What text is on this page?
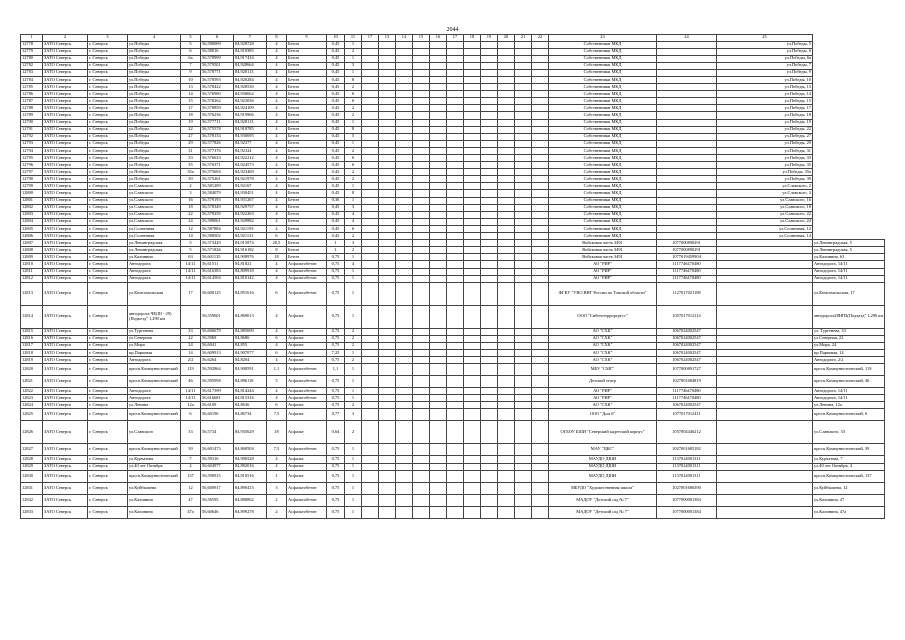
2044
1	2	3	4	5	6	7	8	9	10	11	17	13	14	15	16	17	18	19	20	21	22	23	24	25	
12778	ЗАТО Северск	г. Северск	ул.Победы	5	56,580009	84,928728	4	Бетон	0,45	1												Собственники МКД		ул.Победы, 5	
12779	ЗАТО Северск	г. Северск	ул.Победы	6	56,58016	84,918385	4	Бетон	0,45	2												Собственники МКД		ул.Победы, 6	
12780	ЗАТО Северск	г. Северск	ул.Победы	6а	56,578999	84,917434	4	Бетон	0,45	1												Собственники МКД		ул.Победы, 6а	
12782	ЗАТО Северск	г. Северск	ул.Победы	7	56,579501	84,928664	4	Бетон	0,45	3												Собственники МКД		ул.Победы, 7	
12783	ЗАТО Северск	г. Северск	ул.Победы	9	56,578771	84,928113	4	Бетон	0,45	1												Собственники МКД		ул.Победы, 9	
12784	ЗАТО Северск	г. Северск	ул.Победы	10	56,578593	84,920284	4	Бетон	0,45	8												Собственники МКД		ул.Победы, 10	
12785	ЗАТО Северск	г. Северск	ул.Победы	13	56,578422	84,928530	4	Бетон	0,45	2												Собственники МКД		ул.Победы, 13	
12786	ЗАТО Северск	г. Северск	ул.Победы	14	56,576980	84,930662	4	Бетон	0,45	6												Собственники МКД		ул.Победы, 14	
12787	ЗАТО Северск	г. Северск	ул.Победы	15	56,578262	84,923036	4	Бетон	0,45	6												Собственники МКД		ул.Победы, 15	
12788	ЗАТО Северск	г. Северск	ул.Победы	17	56,578859	84,924109	4	Бетон	0,45	2												Собственники МКД		ул.Победы, 17	
12789	ЗАТО Северск	г. Северск	ул.Победы	18	56,576236	84,919966	4	Бетон	0,45	2												Собственники МКД		ул.Победы, 18	
12790	ЗАТО Северск	г. Северск	ул.Победы	19	56,577711	84,928113	4	Бетон	0,45	1												Собственники МКД		ул.Победы, 19	
12791	ЗАТО Северск	г. Северск	ул.Победы	22	56,575578	84,918785	4	Бетон	0,45	8												Собственники МКД		ул.Победы, 22	
12792	ЗАТО Северск	г. Северск	ул.Победы	27	56,578133	84,930695	4	Бетон	0,45	5												Собственники МКД		ул.Победы, 27	
12793	ЗАТО Северск	г. Северск	ул.Победы	29	56,577826	84,92377	4	Бетон	0,45	1												Собственники МКД		ул.Победы, 29	
12794	ЗАТО Северск	г. Северск	ул.Победы	31	56,577376	84,92324	4	Бетон	0,45	2												Собственники МКД		ул.Победы, 31	
12795	ЗАТО Северск	г. Северск	ул.Победы	33	56,576633	84,922212	4	Бетон	0,45	6												Собственники МКД		ул.Победы, 33	
12796	ЗАТО Северск	г. Северск	ул.Победы	35	56,576371	84,924573	4	Бетон	0,45	6												Собственники МКД		ул.Победы, 35	
12797	ЗАТО Северск	г. Северск	ул.Победы	35а	56,575694	84,923469	4	Бетон	0,45	2												Собственники МКД		ул.Победы, 35а	
12798	ЗАТО Северск	г. Северск	ул.Победы	39	56,575261	84,921978	4	Бетон	0,45	2												Собственники МКД		ул.Победы, 39	
12799	ЗАТО Северск	г. Северск	ул.Славского	2	56,581289	84,92167	4	Бетон	0,45	1												Собственники МКД		ул.Славского, 2	
12800	ЗАТО Северск	г. Северск	ул.Славского	3	56,584079	84,930451	4	Бетон	0,45	8												Собственники МКД		ул.Славского, 3	
12801	ЗАТО Северск	г. Северск	ул.Славского	16	56,579193	84,931267	4	Бетон	0,36	1												Собственники МКД		ул.Славского, 16	
12802	ЗАТО Северск	г. Северск	ул.Славского	18	56,578349	84,929757	4	Бетон	0,45	3												Собственники МКД		ул.Славского, 18	
12803	ЗАТО Северск	г. Северск	ул.Славского	22	56,579259	84,922263	4	Бетон	0,45	4												Собственники МКД		ул.Славского, 22	
12804	ЗАТО Северск	г. Северск	ул.Славского	24	56,588061	84,929882	4	Бетон	0,45	4												Собственники МКД		ул.Славского, 24	
12805	ЗАТО Северск	г. Северск	ул.Солнечная	12	56,587884	84,921193	4	Бетон	0,45	6												Собственники МКД		ул.Солнечная, 12	
12806	ЗАТО Северск	г. Северск	ул.Солнечная	14	56,588502	84,921131	6	Бетон	0,45	2												Собственники МКД		ул.Солнечная, 14	
12807	ЗАТО Северск	г. Северск	ул.Ленинградская	5	56,573429	84,915874	20,5	Бетон	1	3												Войсковая часть 3491	1077000890291		ул.Ленинградская, 5
12808	ЗАТО Северск	г. Северск	ул.Ленинградская	5	56,571826	84,916182	8	Бетон	1	2												Войсковая часть 3491	1077000890291		ул.Ленинградская, 5
12809	ЗАТО Северск	г. Северск	ул.Калинина	63	56,601135	84,908976	18	Бетон	0,75	1												Войсковая часть 3491	1077019459904		ул.Калинина, 63
12810	ЗАТО Северск	г. Северск	Автодорога	14/11	56,61511	84,81821	4	Асфальтобетон	0,75	4												АО "РИР"	1117746470480		Автодорога, 14/11
12811	ЗАТО Северск	г. Северск	Автодорога	14/11	56,616383	84,809918	4	Асфальтобетон	0,75	1												АО "РИР"	1117746470480		Автодорога, 14/11
12812	ЗАТО Северск	г. Северск	Автодорога	14/11	56,614504	84,810142	4	Асфальтобетон	0,75	1												АО "РИР"	1117746470480		Автодорога, 14/11
12813	ЗАТО Северск	г. Северск	ул.Комсомольская	17	56,600125	84,851616	6	Асфальтобетон	0,75	1												ФГКУ "УВО ВНГ России по Томской области"	1127017021108		ул.Комсомольская, 17
12814	ЗАТО Северск	г. Северск	автодорога ЧЕ(III - 29)(Подъезд" 1,290 км		56,559601	84,869013	4	Асфальт	0,75	1												ООО "Сибгеотерроргресс"	1057017012114		автодорога28НПЗ(Подъезд" 1,290 км
12815	ЗАТО Северск	г. Северск	ул.Тургенева	33	56,606679	84,885699	4	Асфальт	0,75	2												АО "СХК"	1067024002547		ул. Тургенева, 33
12816	ЗАТО Северск	г. Северск	ул.Северная	22	56,5969	84,8686	6	Асфальт	0,75	2												АО "СХК"	1067024002547		ул.Северная, 22
12817	ЗАТО Северск	г. Северск	ул.Мира	24	56,6041	84,855	4	Асфальт	0,75	2												АО "СХК"	1067024002547		ул.Мира, 24
12818	ЗАТО Северск	г. Северск	пр.Парковая	14	56,609913	84,907077	6	Асфальт	7,25	1												АО "СХК"	1067024002547		пр.Парковая, 14
12819	ЗАТО Северск	г. Северск	Автодорога	2/2	56,6264	84,8204	4	Асфальт	0,75	2												АО "СХК"	1067024002547		Автодорога, 2/2
12820	ЗАТО Северск	г. Северск	просп.Коммунистический	119	56,592864	84,908591	1,1	Асфальтобетон	1,1	1												МБУ "СМГ"	1077000891727		просп.Коммунистический, 119
12821	ЗАТО Северск	г. Северск	просп.Коммунистический	46	56,595998	84,886118	5	Асфальтобетон	0,75	1												Детский театр	1027001684819		просп.Коммунистический, 46
12822	ЗАТО Северск	г. Северск	Автодорога	14/11	56,617399	84,814244	4	Асфальтобетон	0,75	1												АО "РИР"	1117746470480		Автодорога, 14/11
12823	ЗАТО Северск	г. Северск	Автодорога	14/11	56,616681	84,815316	4	Асфальтобетон	0,75	1												АО "РИР"	1117746470480		Автодорога, 14/11
12824	ЗАТО Северск	г. Северск	ул.Ленина	12а	56,6109	84,8636	6	Асфальт	0,75	2												АО "СХК"	1067024002547		ул.Ленина, 12а
12825	ЗАТО Северск	г. Северск	просп.Коммунистический	6	56,60196	84,86734	7,5	Асфальт	0,77	3												ООО "Дом 6"	1077017012411		просп.Коммунистический, 6
12826	ЗАТО Северск	г. Северск	ул.Славского	33	56,5734	84,935629	18	Асфальт	0,64	2												ОГБОУ БШИ "Северский кадетский корпус"	1057004446212		ул.Славского, 33
12827	ЗАТО Северск	г. Северск	просп.Коммунистический	39	56,601473	84,868504	7,5	Асфальтобетон	0,75	1												МАУ "ЦКС"	1027001685182		просп.Коммунистический, 39
12828	ЗАТО Северск	г. Северск	ул.Курчатова	7	56,59316	84,906528	4	Асфальт	0,75	1												МАУДО ДШИ	1137024001311		ул.Курчатова, 7
12829	ЗАТО Северск	г. Северск	ул.40 лет Октября	4	56,604977	84,882016	4	Асфальт	0,75	1												МАУДО ДШИ	1137024001311		ул.40 лет Октября, 4
12830	ЗАТО Северск	г. Северск	просп.Коммунистический	137	56,590915	84,910516	1	Асфальт	0,75	1												МАУДО ДШИ	1137024001311		просп.Коммунистический, 137
12831	ЗАТО Северск	г. Северск	ул.Куйбышева	12	56,600917	84,890415	3	Асфальтобетон	0,75	1												МБУДО "Художественная школа"	1027001686390		ул.Куйбышева, 12
12832	ЗАТО Северск	г. Северск	ул.Калинина	47	56,56595	84,888802	2	Асфальтобетон	0,75	1												МАДОУ "Детский сад № 7"	1077000001384		ул.Калинина, 47
12833	ЗАТО Северск	г. Северск	ул.Калинина	47а	56,60646	84,899278	2	Асфальтобетон	0,75	1												МАДОУ "Детский сад № 7"	1077000001384		ул.Калинина, 47а
